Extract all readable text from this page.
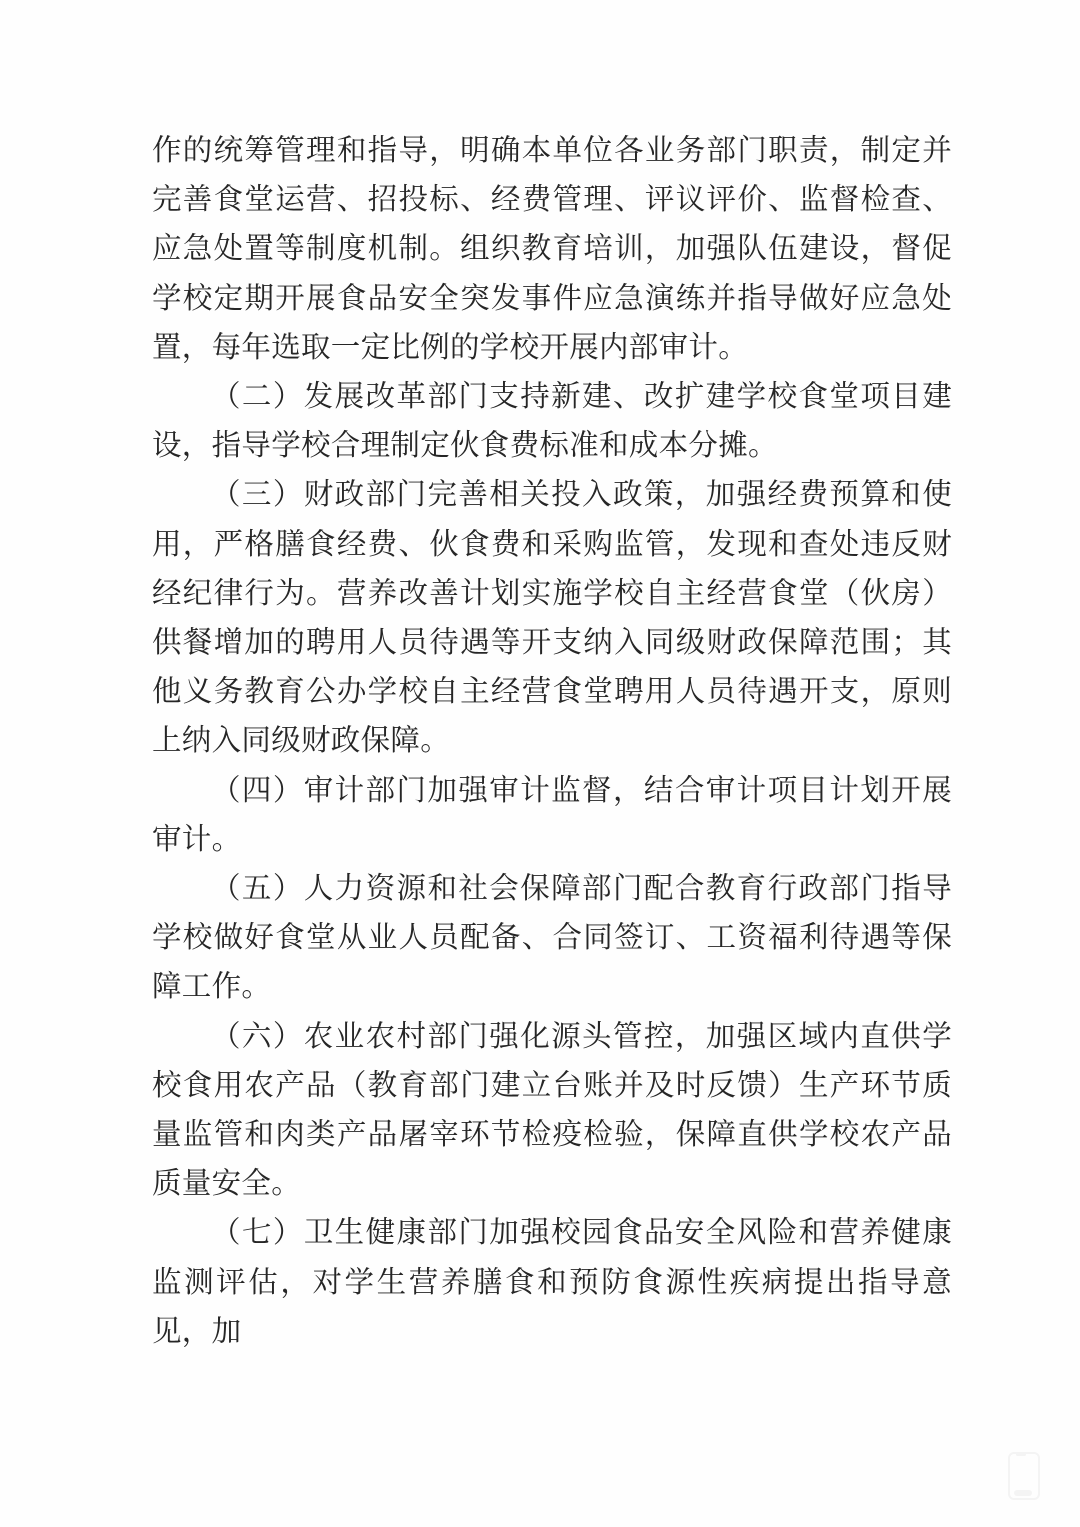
作的统筹管理和指导，明确本单位各业务部门职责，制定并完善食堂运营、招投标、经费管理、评议评价、监督检查、应急处置等制度机制。组织教育培训，加强队伍建设，督促学校定期开展食品安全突发事件应急演练并指导做好应急处置，每年选取一定比例的学校开展内部审计。

（二）发展改革部门支持新建、改扩建学校食堂项目建设，指导学校合理制定伙食费标准和成本分摊。

（三）财政部门完善相关投入政策，加强经费预算和使用，严格膳食经费、伙食费和采购监管，发现和查处违反财经纪律行为。营养改善计划实施学校自主经营食堂（伙房）供餐增加的聘用人员待遇等开支纳入同级财政保障范围；其他义务教育公办学校自主经营食堂聘用人员待遇开支，原则上纳入同级财政保障。

（四）审计部门加强审计监督，结合审计项目计划开展审计。

（五）人力资源和社会保障部门配合教育行政部门指导学校做好食堂从业人员配备、合同签订、工资福利待遇等保障工作。

（六）农业农村部门强化源头管控，加强区域内直供学校食用农产品（教育部门建立台账并及时反馈）生产环节质量监管和肉类产品屠宰环节检疫检验，保障直供学校农产品质量安全。

（七）卫生健康部门加强校园食品安全风险和营养健康监测评估，对学生营养膳食和预防食源性疾病提出指导意见，加
